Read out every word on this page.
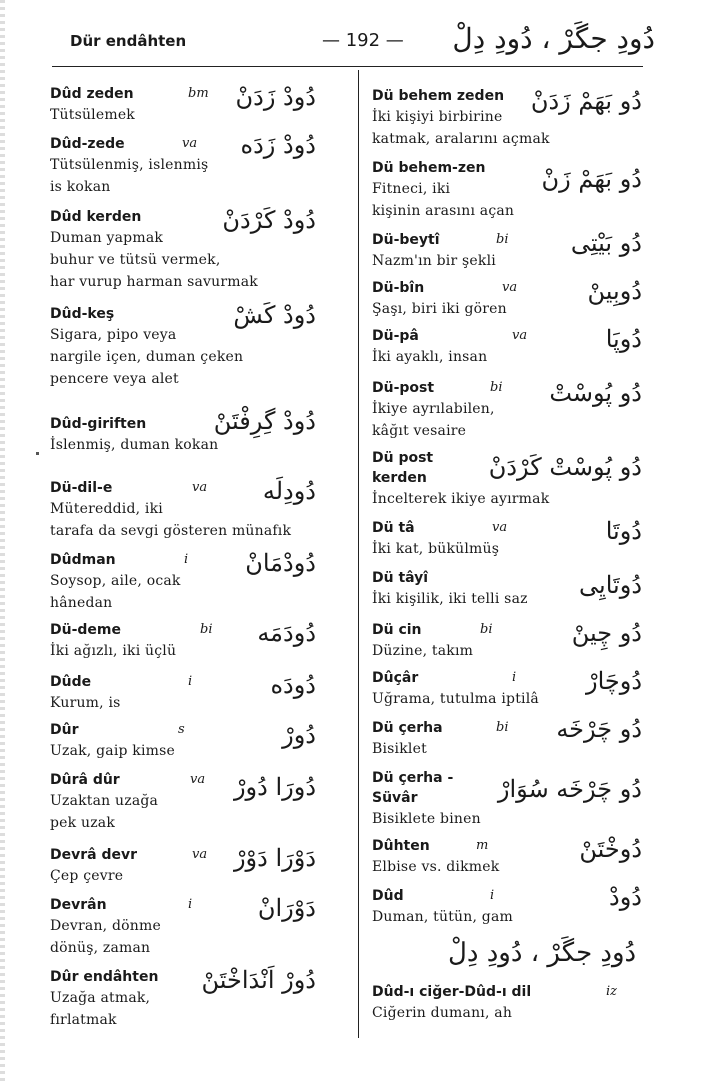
Dür endâhten	— 192 — دُودِ جگَرْ ، دُودِ دِلْ
Dûd zeden	bm دُودْ زَدَنْ
Tütsülemek
Dûd-zede	va دُودْ زَدَه
Tütsülenmiş, islenmiş
is kokan
Dûd kerden	دُودْ كَرْدَنْ
Duman yapmak
buhur ve tütsü vermek,
har vurup harman savurmak
Dûd-keş	دُودْ كَشْ
Sigara, pipo veya
nargile içen, duman çeken
pencere veya alet
Dûd-giriften	دُودْ گِرِفْتَنْ
İslenmiş, duman kokan
Dü-dil-e	va دُودِلَه
Mütereddid, iki
tarafa da sevgi gösteren münafık
Dûdman	i دُودْمَانْ
Soysop, aile, ocak
hânedan
Dü-deme	bi دُودَمَه
İki ağızlı, iki üçlü
Dûde	i	دُودَه
Kurum, is
Dûr	s	دُورْ
Uzak, gaip kimse
Dûrâ dûr	va دُورَا دُورْ
Uzaktan uzağa
pek uzak
Devrâ devr	va دَوْرَا دَوْرْ
Çep çevre
Devrân	i	دَوْرَانْ
Devran, dönme
dönüş, zaman
Dûr endâhten	دُورْ اَنْدَاخْتَنْ
Uzağa atmak,
fırlatmak
Dü behem zeden	دُو بَهَمْ زَدَنْ
İki kişiyi birbirine
katmak, aralarını açmak
Dü behem-zen	دُو بَهَمْ زَنْ
Fitneci, iki
kişinin arasını açan
Dü-beytî	bi	دُو بَيْتِى
Nazm'ın bir şekli
Dü-bîn	va	دُوبِينْ
Şaşı, biri iki gören
Dü-pâ	va	دُوپَا
İki ayaklı, insan
Dü-post	bi دُو پُوسْتْ
İkiye ayrılabilen,
kâğıt vesaire
Dü post
kerden	دُو پُوسْتْ كَرْدَنْ
İncelterek ikiye ayırmak
Dü tâ	va	دُوتَا
İki kat, bükülmüş
Dü tâyî	دُوتَايِى
İki kişilik, iki telli saz
Dü cin	bi	دُو چِينْ
Düzine, takım
Dûçâr	i	دُوچَارْ
Uğrama, tutulma iptilâ
Dü çerha	bi دُو چَرْخَه
Bisiklet
Dü çerha -
Süvâr	دُو چَرْخَه سُوَارْ
Bisiklete binen
Dûhten	m	دُوخْتَنْ
Elbise vs. dikmek
Dûd	i	دُودْ
Duman, tütün, gam
Dûd-ı ciğer-Dûd-ı dil	iz
Ciğerin dumanı, ah
دُودِ جگَرْ ، دُودِ دِلْ
